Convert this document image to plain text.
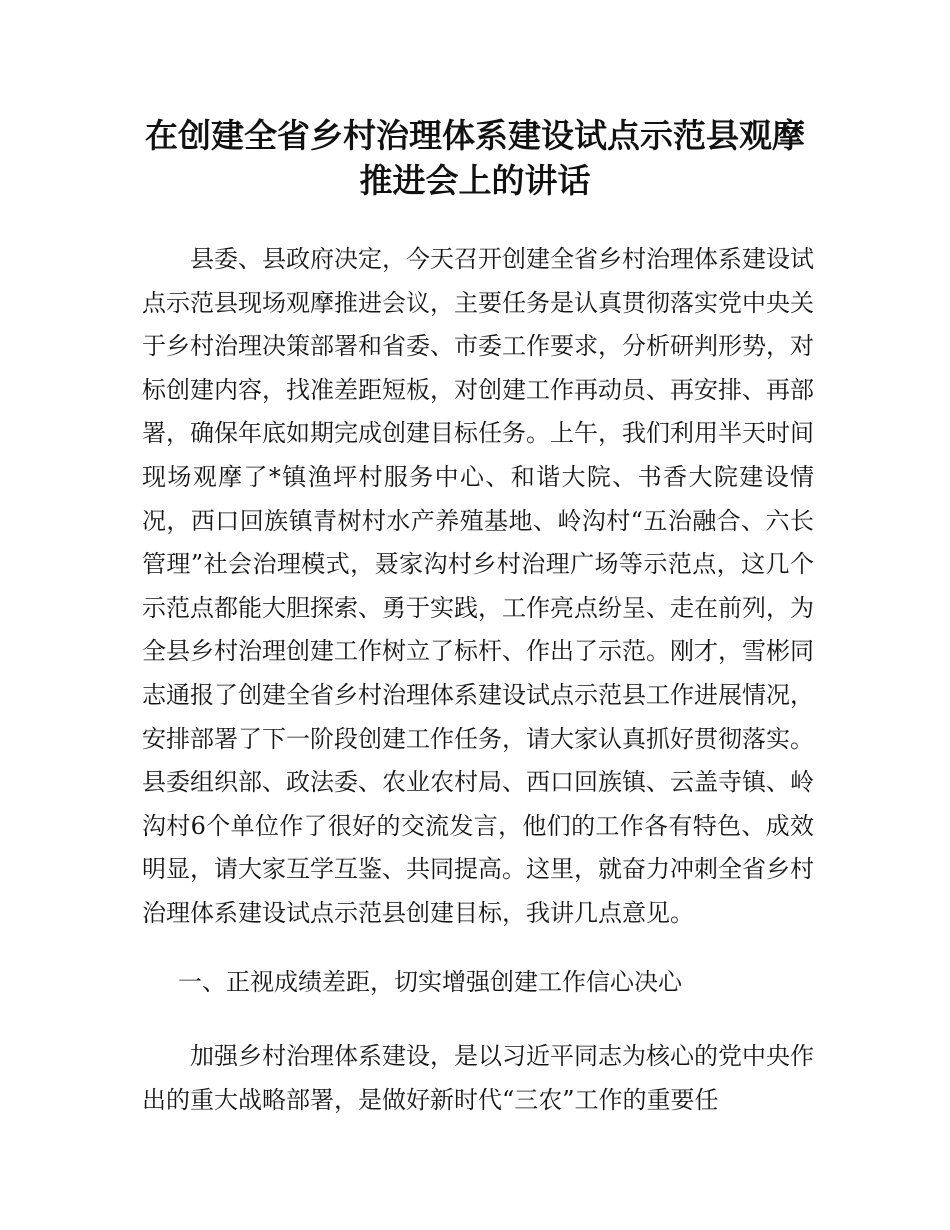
在创建全省乡村治理体系建设试点示范县观摩
推进会上的讲话

县委、县政府决定，今天召开创建全省乡村治理体系建设试点示范县现场观摩推进会议，主要任务是认真贯彻落实党中央关于乡村治理决策部署和省委、市委工作要求，分析研判形势，对标创建内容，找准差距短板，对创建工作再动员、再安排、再部署，确保年底如期完成创建目标任务。上午，我们利用半天时间现场观摩了*镇渔坪村服务中心、和谐大院、书香大院建设情况，西口回族镇青树村水产养殖基地、岭沟村“五治融合、六长管理”社会治理模式，聂家沟村乡村治理广场等示范点，这几个示范点都能大胆探索、勇于实践，工作亮点纷呈、走在前列，为全县乡村治理创建工作树立了标杆、作出了示范。刚才，雪彬同志通报了创建全省乡村治理体系建设试点示范县工作进展情况，安排部署了下一阶段创建工作任务，请大家认真抓好贯彻落实。县委组织部、政法委、农业农村局、西口回族镇、云盖寺镇、岭沟村6个单位作了很好的交流发言，他们的工作各有特色、成效明显，请大家互学互鉴、共同提高。这里，就奋力冲刺全省乡村治理体系建设试点示范县创建目标，我讲几点意见。

一、正视成绩差距，切实增强创建工作信心决心

加强乡村治理体系建设，是以习近平同志为核心的党中央作出的重大战略部署，是做好新时代“三农”工作的重要任
